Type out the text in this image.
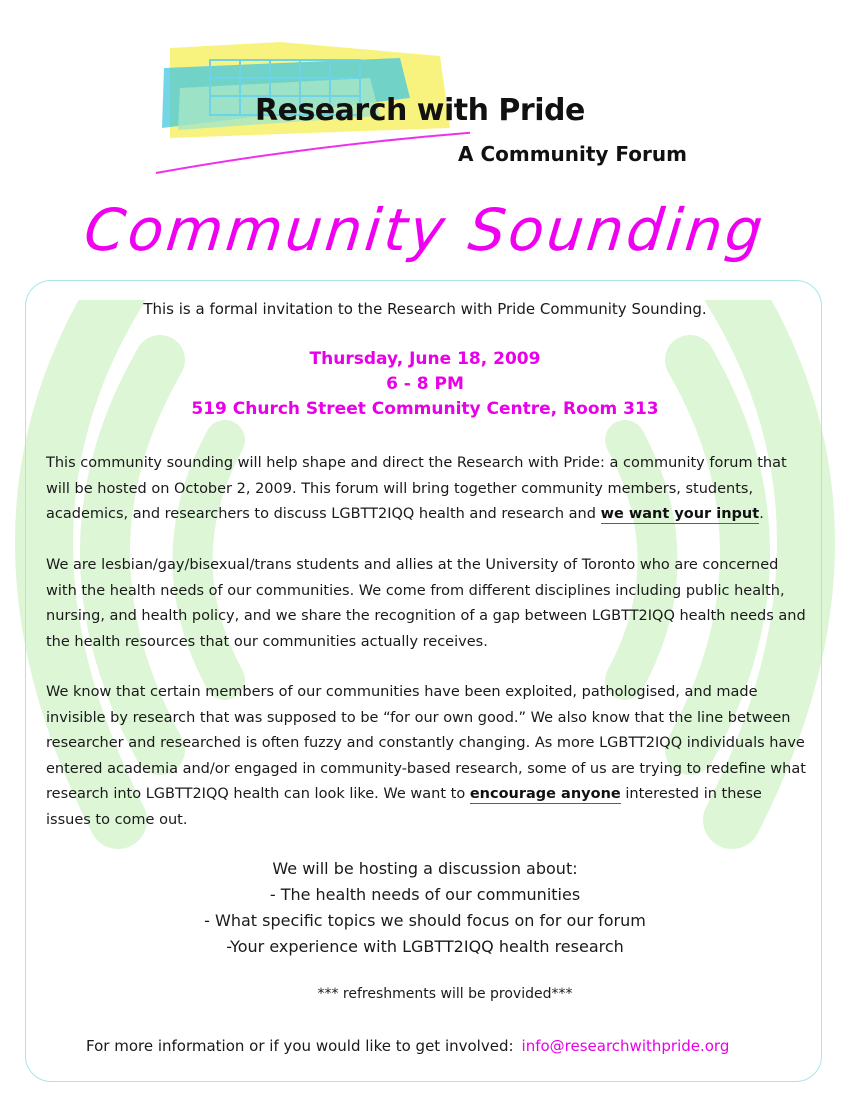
Research with Pride
A Community Forum
Community Sounding
This is a formal invitation to the Research with Pride Community Sounding.
Thursday, June 18, 2009
6 - 8 PM
519 Church Street Community Centre, Room 313
This community sounding will help shape and direct the Research with Pride: a community forum that will be hosted on October 2, 2009. This forum will bring together community members, students, academics, and researchers to discuss LGBTT2IQQ health and research and we want your input.
We are lesbian/gay/bisexual/trans students and allies at the University of Toronto who are concerned with the health needs of our communities. We come from different disciplines including public health, nursing, and health policy, and we share the recognition of a gap between LGBTT2IQQ health needs and the health resources that our communities actually receives.
We know that certain members of our communities have been exploited, pathologised, and made invisible by research that was supposed to be “for our own good.” We also know that the line between researcher and researched is often fuzzy and constantly changing. As more LGBTT2IQQ individuals have entered academia and/or engaged in community-based research, some of us are trying to redefine what research into LGBTT2IQQ health can look like. We want to encourage anyone interested in these issues to come out.
We will be hosting a discussion about:
- The health needs of our communities
- What specific topics we should focus on for our forum
-Your experience with LGBTT2IQQ health research
*** refreshments will be provided***
For more information or if you would like to get involved: info@researchwithpride.org
